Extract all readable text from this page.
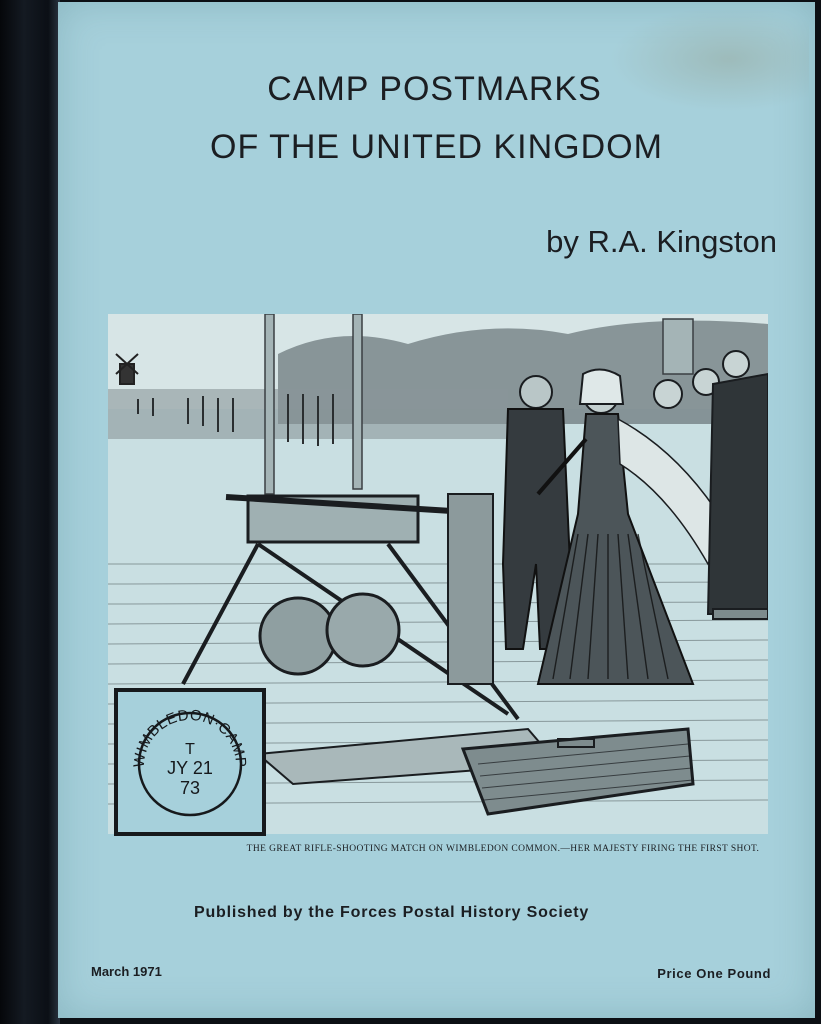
CAMP POSTMARKS
OF THE UNITED KINGDOM

by R.A. Kingston

WIMBLEDON·CAMP
T
JY 21
73

THE GREAT RIFLE-SHOOTING MATCH ON WIMBLEDON COMMON.—HER MAJESTY FIRING THE FIRST SHOT.

Published by the Forces Postal History Society

March 1971	Price One Pound
